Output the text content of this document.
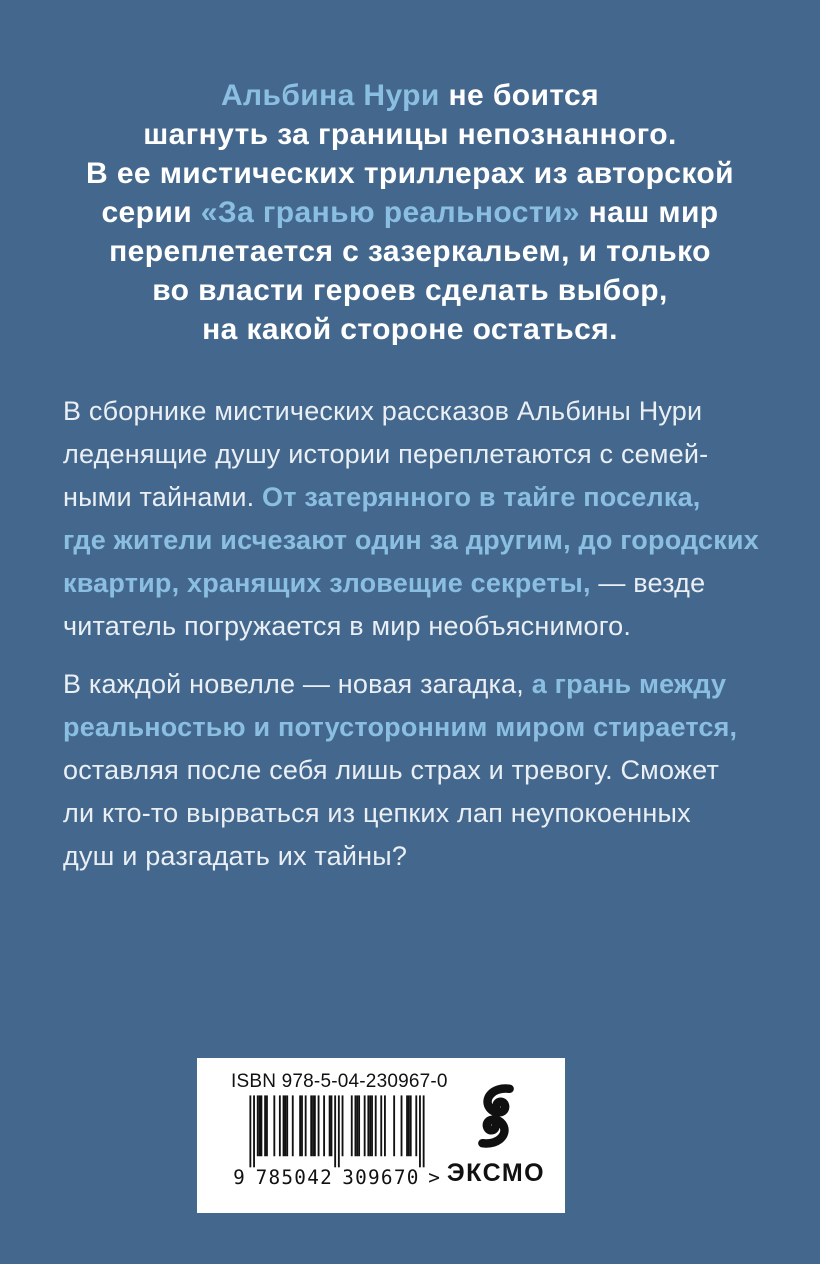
Альбина Нури не боится
шагнуть за границы непознанного.
В ее мистических триллерах из авторской
серии «За гранью реальности» наш мир
переплетается с зазеркальем, и только
во власти героев сделать выбор,
на какой стороне остаться.
В сборнике мистических рассказов Альбины Нури
леденящие душу истории переплетаются с семей-
ными тайнами. От затерянного в тайге поселка,
где жители исчезают один за другим, до городских
квартир, хранящих зловещие секреты, — везде
читатель погружается в мир необъяснимого.
В каждой новелле — новая загадка, а грань между
реальностью и потусторонним миром стирается,
оставляя после себя лишь страх и тревогу. Сможет
ли кто-то вырваться из цепких лап неупокоенных
душ и разгадать их тайны?
ISBN 978-5-04-230967-0
9 7	3
8	0
5	9
0	6
4	7
2	0 > ЭКСМО
